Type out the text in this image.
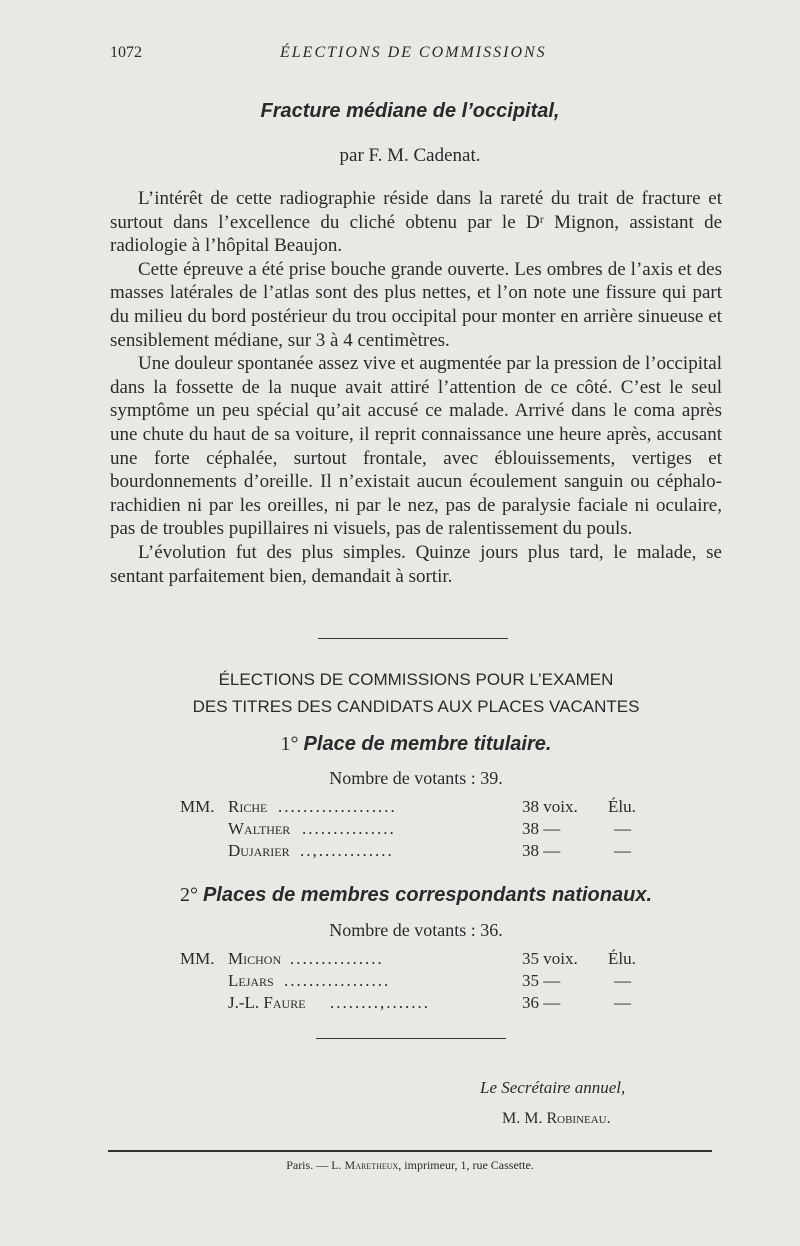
1072	ÉLECTIONS DE COMMISSIONS
Fracture médiane de l’occipital,
par F. M. Cadenat.

L’intérêt de cette radiographie réside dans la rareté du trait de fracture et surtout dans l’excellence du cliché obtenu par le Dʳ Mignon, assistant de radiologie à l’hôpital Beaujon.

Cette épreuve a été prise bouche grande ouverte. Les ombres de l’axis et des masses latérales de l’atlas sont des plus nettes, et l’on note une fissure qui part du milieu du bord postérieur du trou occipital pour monter en arrière sinueuse et sensiblement médiane, sur 3 à 4 centimètres.

Une douleur spontanée assez vive et augmentée par la pression de l’occipital dans la fossette de la nuque avait attiré l’attention de ce côté. C’est le seul symptôme un peu spécial qu’ait accusé ce malade. Arrivé dans le coma après une chute du haut de sa voiture, il reprit connaissance une heure après, accusant une forte céphalée, surtout frontale, avec éblouissements, vertiges et bourdonnements d’oreille. Il n’existait aucun écoulement sanguin ou céphalo-rachidien ni par les oreilles, ni par le nez, pas de paralysie faciale ni oculaire, pas de troubles pupillaires ni visuels, pas de ralentissement du pouls.

L’évolution fut des plus simples. Quinze jours plus tard, le malade, se sentant parfaitement bien, demandait à sortir.

ÉLECTIONS DE COMMISSIONS POUR L’EXAMEN
DES TITRES DES CANDIDATS AUX PLACES VACANTES
1° Place de membre titulaire.
Nombre de votants : 39.
MM. Riche ...................	38 voix. Élu.
Walther ...............	38 —	—
Dujarier ..,............	38 —	—
2° Places de membres correspondants nationaux.
Nombre de votants : 36.
MM. Michon ...............	35 voix. Élu.
Lejars .................	35 —	—
J.-L. Faure ........,.......	36 —	—
Le Secrétaire annuel,
M. M. Robineau.
Paris. — L. Maretheux, imprimeur, 1, rue Cassette.
